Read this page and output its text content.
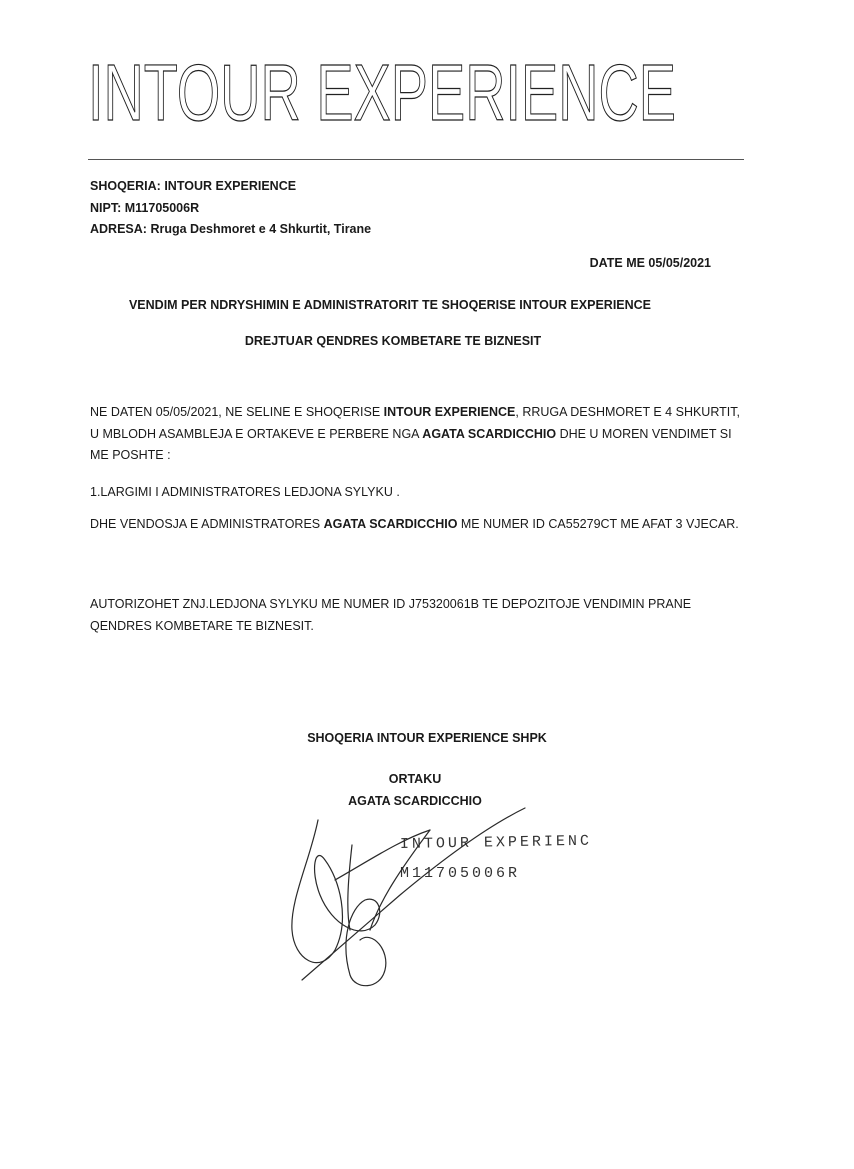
INTOUR EXPERIENCE
SHOQERIA: INTOUR EXPERIENCE
NIPT: M11705006R
ADRESA: Rruga Deshmoret e 4 Shkurtit, Tirane
DATE ME 05/05/2021
VENDIM PER NDRYSHIMIN E ADMINISTRATORIT TE SHOQERISE INTOUR EXPERIENCE
DREJTUAR QENDRES KOMBETARE TE BIZNESIT
NE DATEN 05/05/2021, NE SELINE E SHOQERISE INTOUR EXPERIENCE, RRUGA DESHMORET E 4 SHKURTIT, U MBLODH ASAMBLEJA E ORTAKEVE E PERBERE NGA AGATA SCARDICCHIO DHE U MOREN VENDIMET SI ME POSHTE :
1.LARGIMI I ADMINISTRATORES LEDJONA SYLYKU .
DHE VENDOSJA E ADMINISTRATORES AGATA SCARDICCHIO ME NUMER ID CA55279CT ME AFAT 3 VJECAR.
AUTORIZOHET ZNJ.LEDJONA SYLYKU ME NUMER ID J75320061B TE DEPOZITOJE VENDIMIN PRANE QENDRES KOMBETARE TE BIZNESIT.
SHOQERIA INTOUR EXPERIENCE SHPK
ORTAKU
AGATA SCARDICCHIO
INTOUR EXPERIENC
M11705006R
